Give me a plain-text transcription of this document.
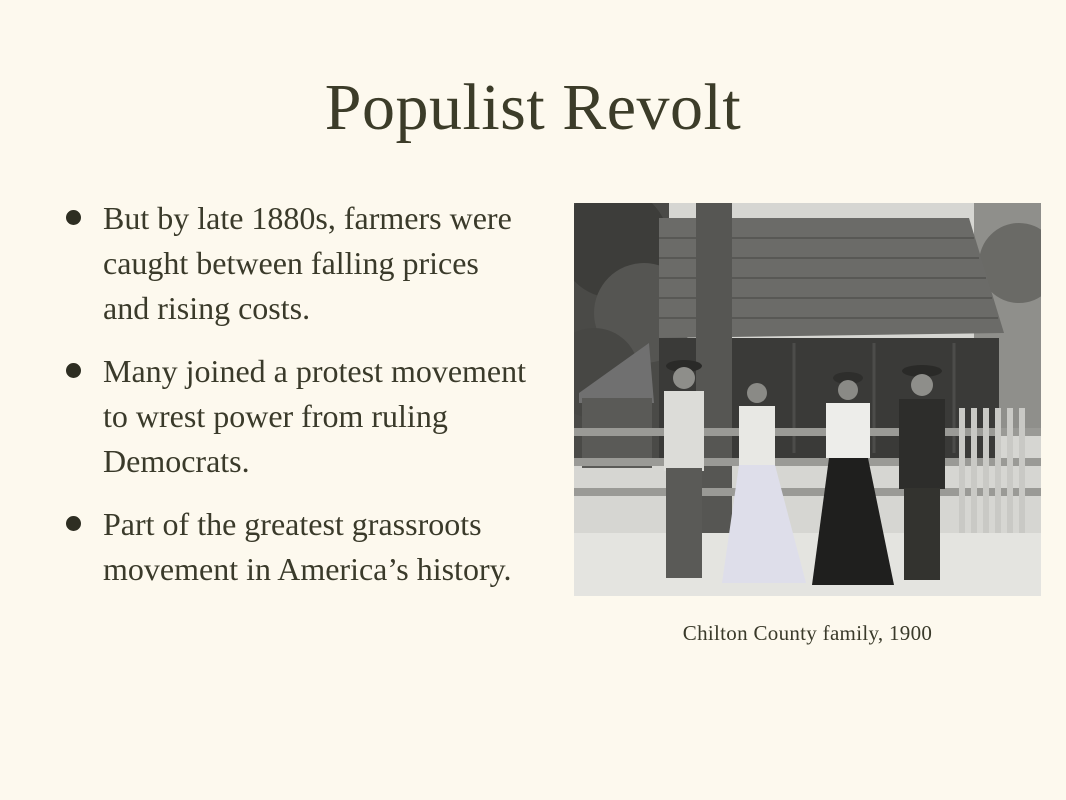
Populist Revolt
But by late 1880s, farmers were caught between falling prices and rising costs.
Many joined a protest movement to wrest power from ruling Democrats.
Part of the greatest grassroots movement in America’s history.
Chilton County family, 1900
